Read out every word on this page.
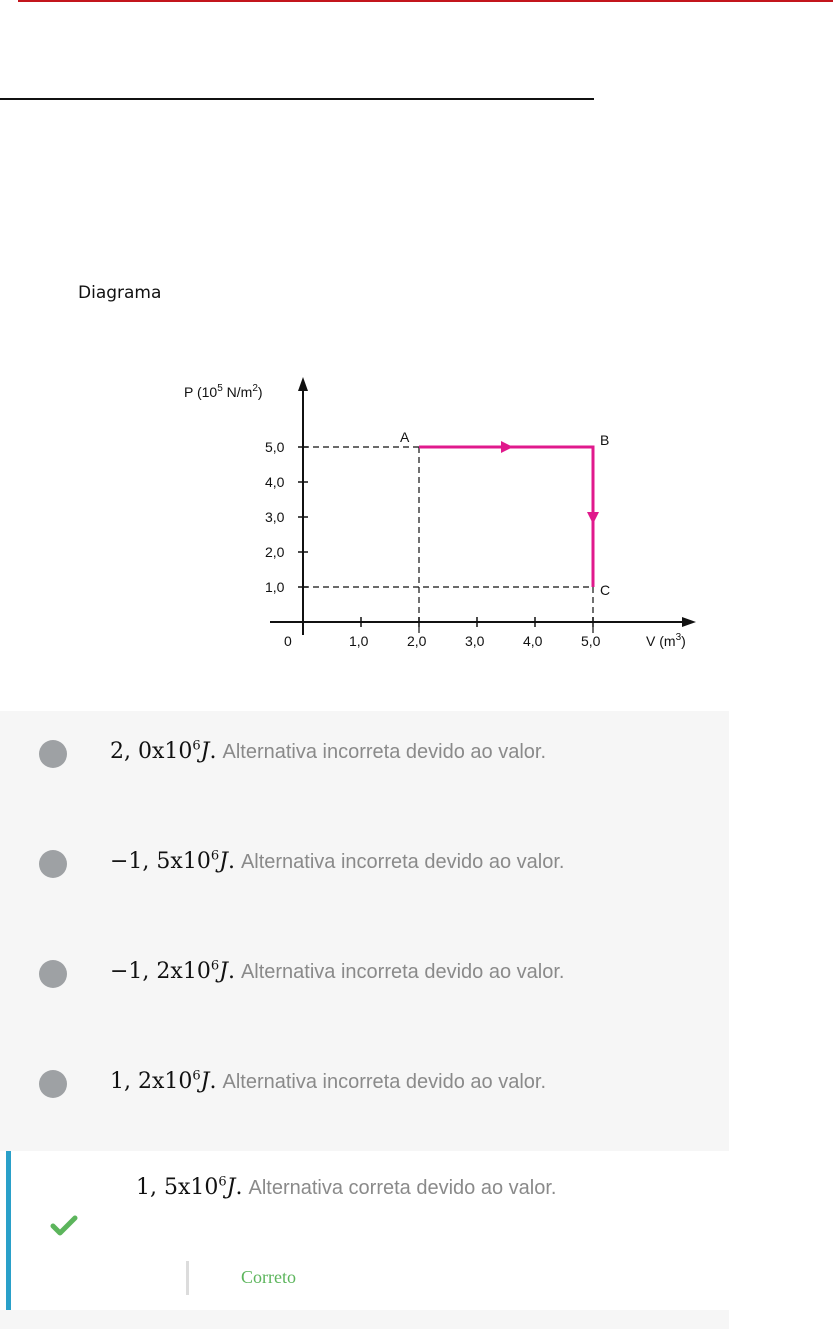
Diagrama
P ($10^5$ $N/m^2$)
V $(m^3)$
0
1,0
2,0
3,0
4,0
5,0
1,0	2,0	3,0	4,0	5,0
A	B
C
2, $0x10^6J$. Alternativa incorreta devido ao valor.
−1, $5x10^6J$. Alternativa incorreta devido ao valor.
−1, $2x10^6J$. Alternativa incorreta devido ao valor.
1, $2x10^6J$. Alternativa incorreta devido ao valor.
1, $5x10^6J$. Alternativa correta devido ao valor.
Correto
